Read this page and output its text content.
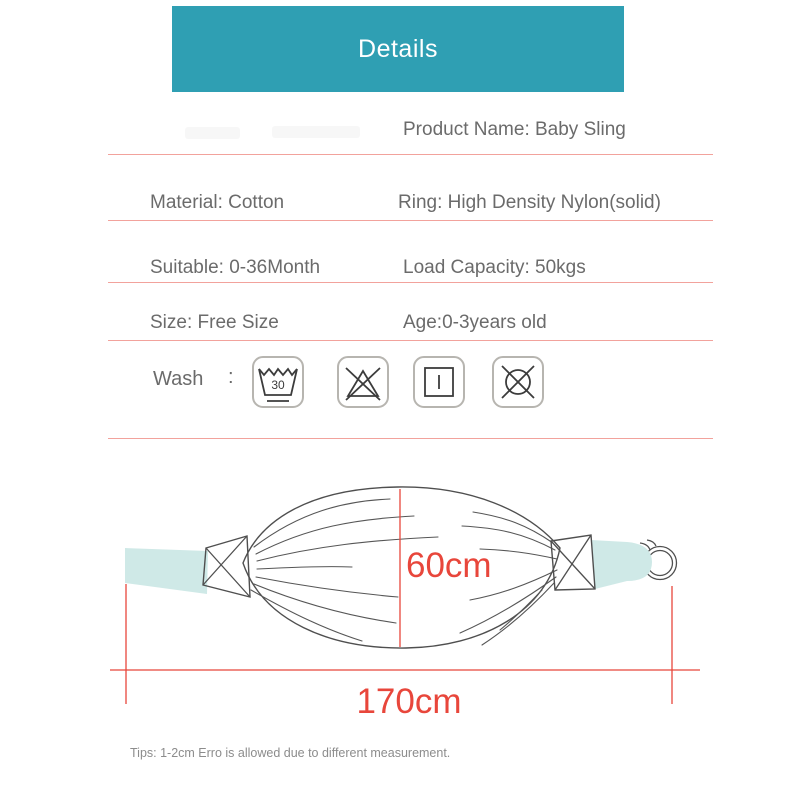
Details
Product Name: Baby Sling
Material: Cotton	Ring: High Density Nylon(solid)
Suitable: 0-36Month	Load Capacity: 50kgs
Size: Free Size	Age:0-3years old
Wash :	30
60cm
170cm
Tips: 1-2cm Erro is allowed due to different measurement.
